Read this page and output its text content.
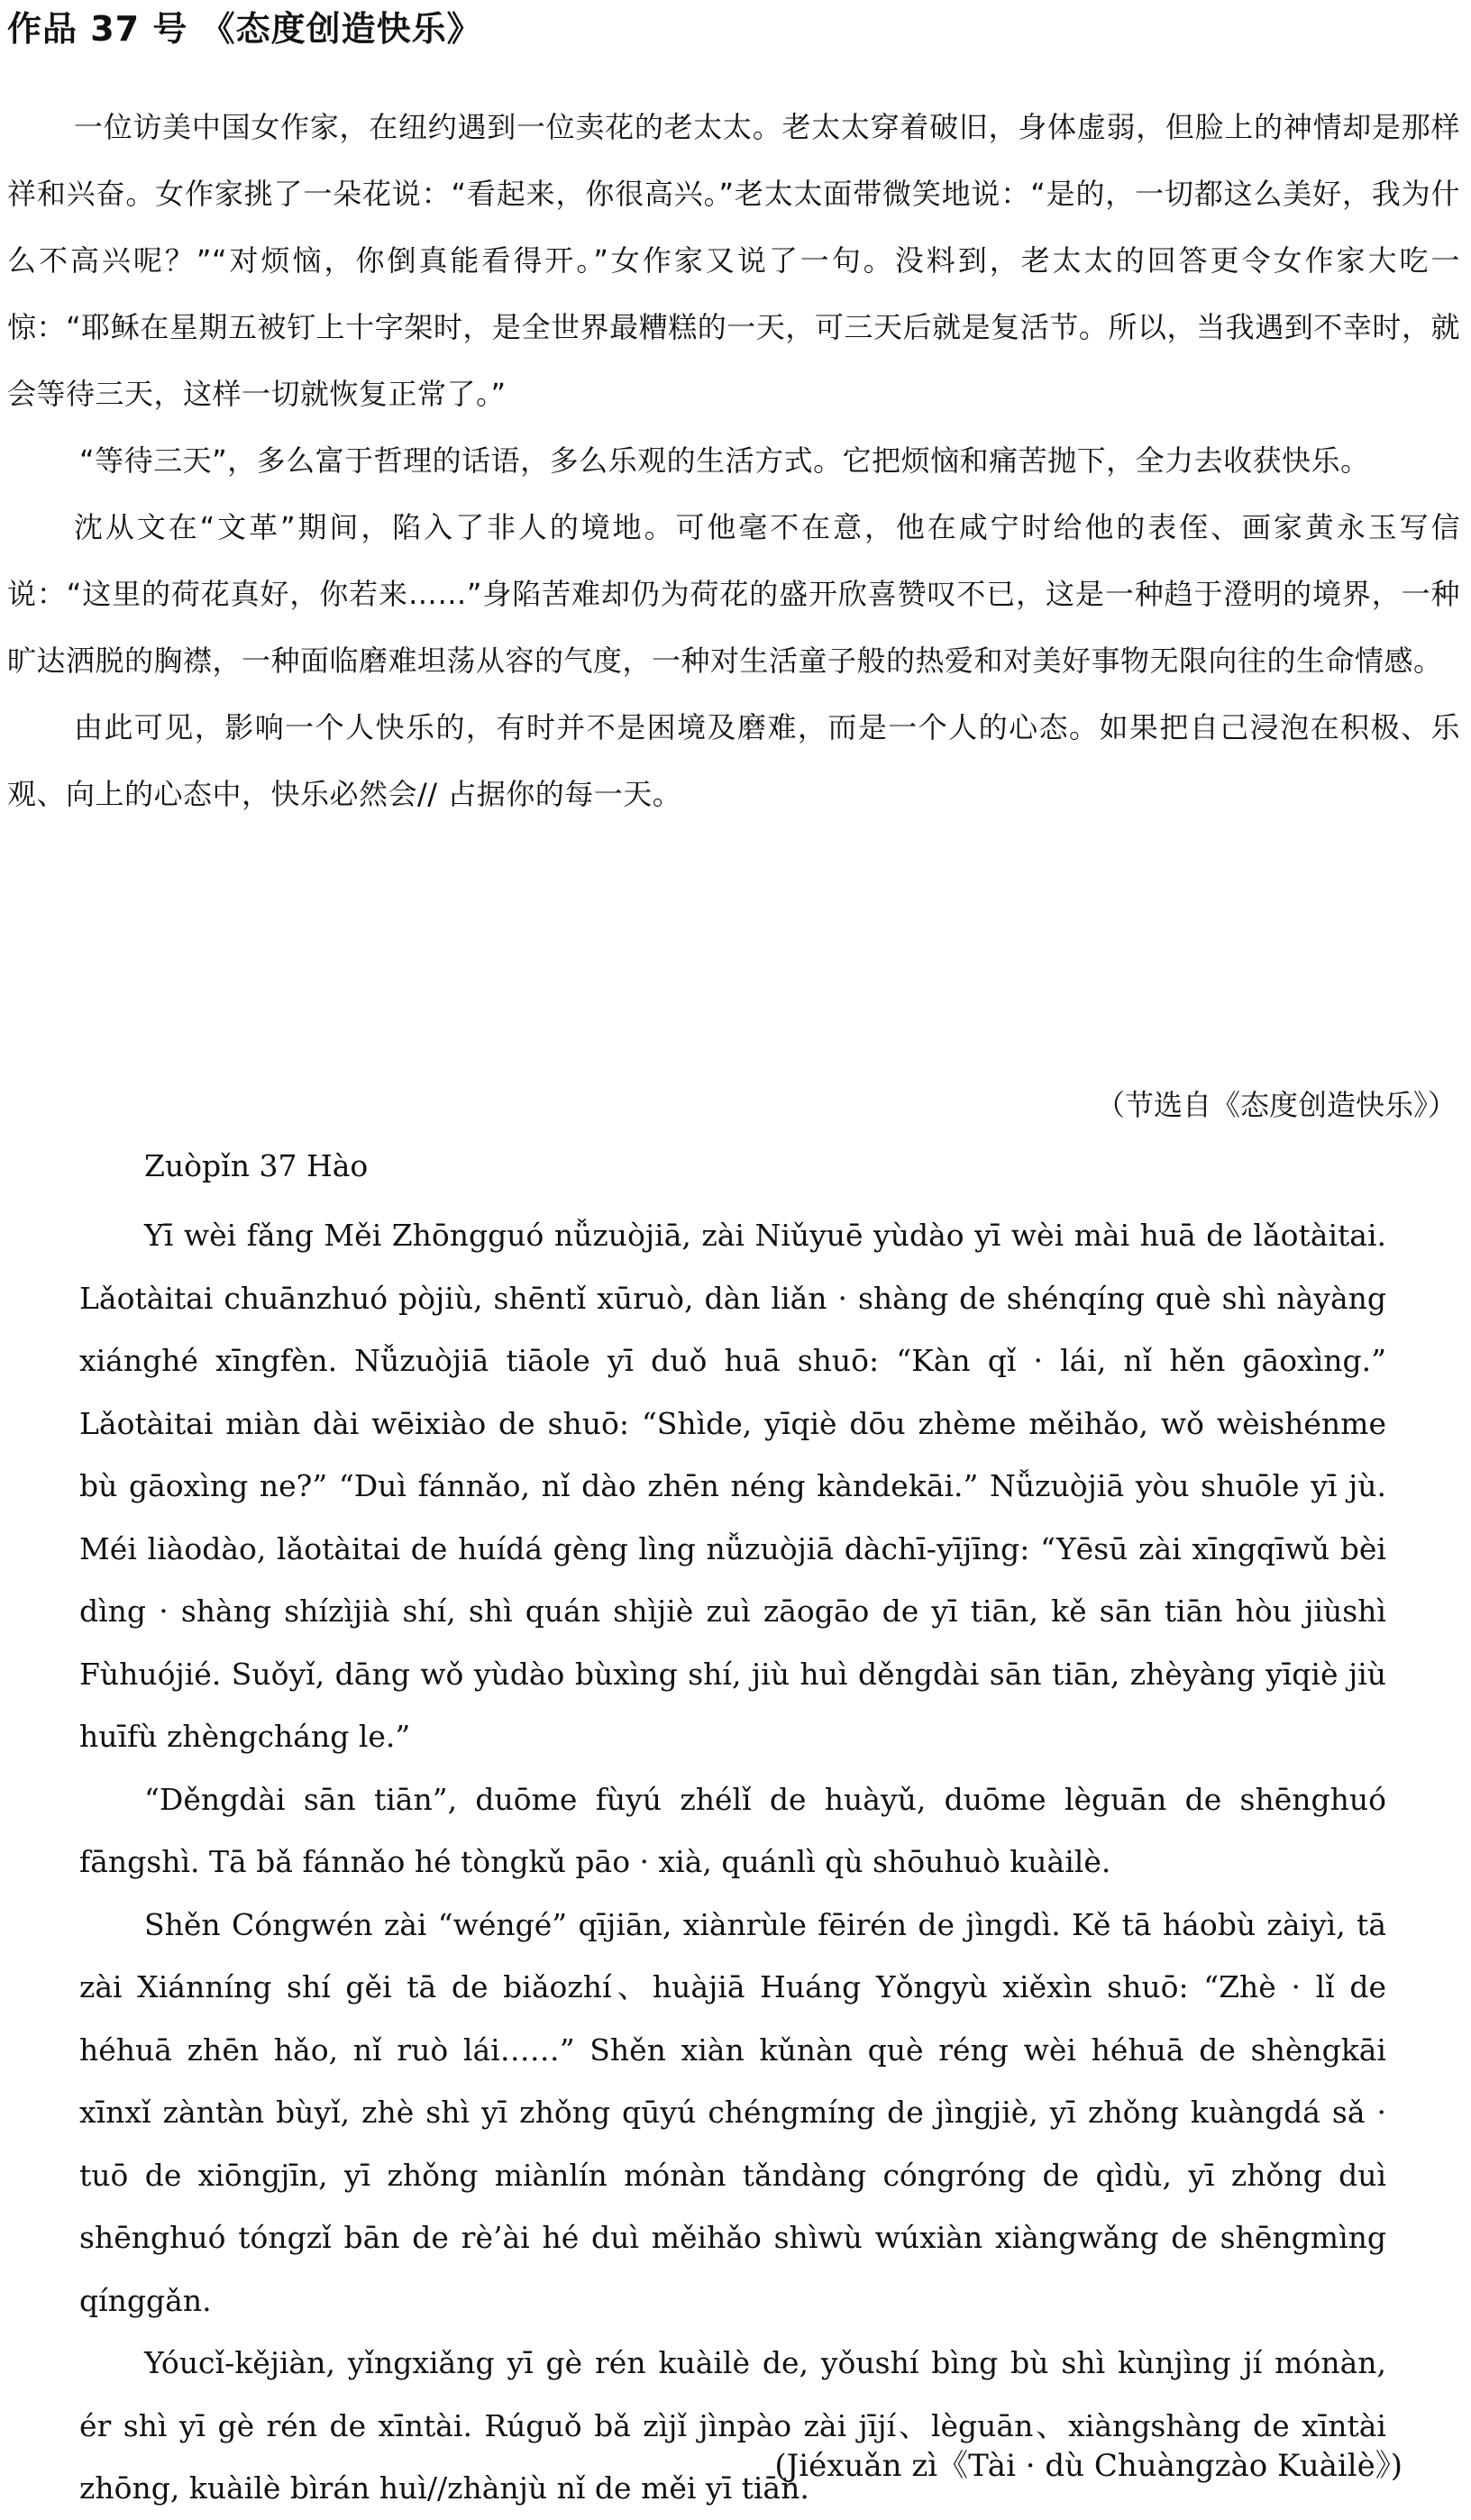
作品 37 号 《态度创造快乐》

一位访美中国女作家，在纽约遇到一位卖花的老太太。老太太穿着破旧，身体虚弱，但脸上的神情却是那样祥和兴奋。女作家挑了一朵花说：“看起来，你很高兴。”老太太面带微笑地说：“是的，一切都这么美好，我为什么不高兴呢？”“对烦恼，你倒真能看得开。”女作家又说了一句。没料到，老太太的回答更令女作家大吃一惊：“耶稣在星期五被钉上十字架时，是全世界最糟糕的一天，可三天后就是复活节。所以，当我遇到不幸时，就会等待三天，这样一切就恢复正常了。”

“等待三天”，多么富于哲理的话语，多么乐观的生活方式。它把烦恼和痛苦抛下，全力去收获快乐。

沈从文在“文革”期间，陷入了非人的境地。可他毫不在意，他在咸宁时给他的表侄、画家黄永玉写信说：“这里的荷花真好，你若来……”身陷苦难却仍为荷花的盛开欣喜赞叹不已，这是一种趋于澄明的境界，一种旷达洒脱的胸襟，一种面临磨难坦荡从容的气度，一种对生活童子般的热爱和对美好事物无限向往的生命情感。

由此可见，影响一个人快乐的，有时并不是困境及磨难，而是一个人的心态。如果把自己浸泡在积极、乐观、向上的心态中，快乐必然会// 占据你的每一天。

（节选自《态度创造快乐》）
Zuòpǐn 37 Hào

Yī wèi fǎng Měi Zhōngguó nǚzuòjiā, zài Niǔyuē yùdào yī wèi mài huā de lǎotàitai. Lǎotàitai chuānzhuó pòjiù, shēntǐ xūruò, dàn liǎn · shàng de shénqíng què shì nàyàng xiánghé xīngfèn. Nǚzuòjiā tiāole yī duǒ huā shuō: “Kàn qǐ · lái, nǐ hěn gāoxìng.” Lǎotàitai miàn dài wēixiào de shuō: “Shìde, yīqiè dōu zhème měihǎo, wǒ wèishénme bù gāoxìng ne?” “Duì fánnǎo, nǐ dào zhēn néng kàndekāi.” Nǚzuòjiā yòu shuōle yī jù. Méi liàodào, lǎotàitai de huídá gèng lìng nǚzuòjiā dàchī-yījīng: “Yēsū zài xīngqīwǔ bèi dìng · shàng shízìjià shí, shì quán shìjiè zuì zāogāo de yī tiān, kě sān tiān hòu jiùshì Fùhuójié. Suǒyǐ, dāng wǒ yùdào bùxìng shí, jiù huì děngdài sān tiān, zhèyàng yīqiè jiù huīfù zhèngcháng le.”

“Děngdài sān tiān”, duōme fùyú zhélǐ de huàyǔ, duōme lèguān de shēnghuó fāngshì. Tā bǎ fánnǎo hé tòngkǔ pāo · xià, quánlì qù shōuhuò kuàilè.

Shěn Cóngwén zài “wéngé” qījiān, xiànrùle fēirén de jìngdì. Kě tā háobù zàiyì, tā zài Xiánníng shí gěi tā de biǎozhí、huàjiā Huáng Yǒngyù xiěxìn shuō: “Zhè · lǐ de héhuā zhēn hǎo, nǐ ruò lái……” Shěn xiàn kǔnàn què réng wèi héhuā de shèngkāi xīnxǐ zàntàn bùyǐ, zhè shì yī zhǒng qūyú chéngmíng de jìngjiè, yī zhǒng kuàngdá sǎ · tuō de xiōngjīn, yī zhǒng miànlín mónàn tǎndàng cóngróng de qìdù, yī zhǒng duì shēnghuó tóngzǐ bān de rè’ài hé duì měihǎo shìwù wúxiàn xiàngwǎng de shēngmìng qínggǎn.

Yóucǐ-kějiàn, yǐngxiǎng yī gè rén kuàilè de, yǒushí bìng bù shì kùnjìng jí mónàn, ér shì yī gè rén de xīntài. Rúguǒ bǎ zìjǐ jìnpào zài jījí、lèguān、xiàngshàng de xīntài zhōng, kuàilè bìrán huì//zhànjù nǐ de měi yī tiān.

(Jiéxuǎn zì《Tài · dù Chuàngzào Kuàilè》)
